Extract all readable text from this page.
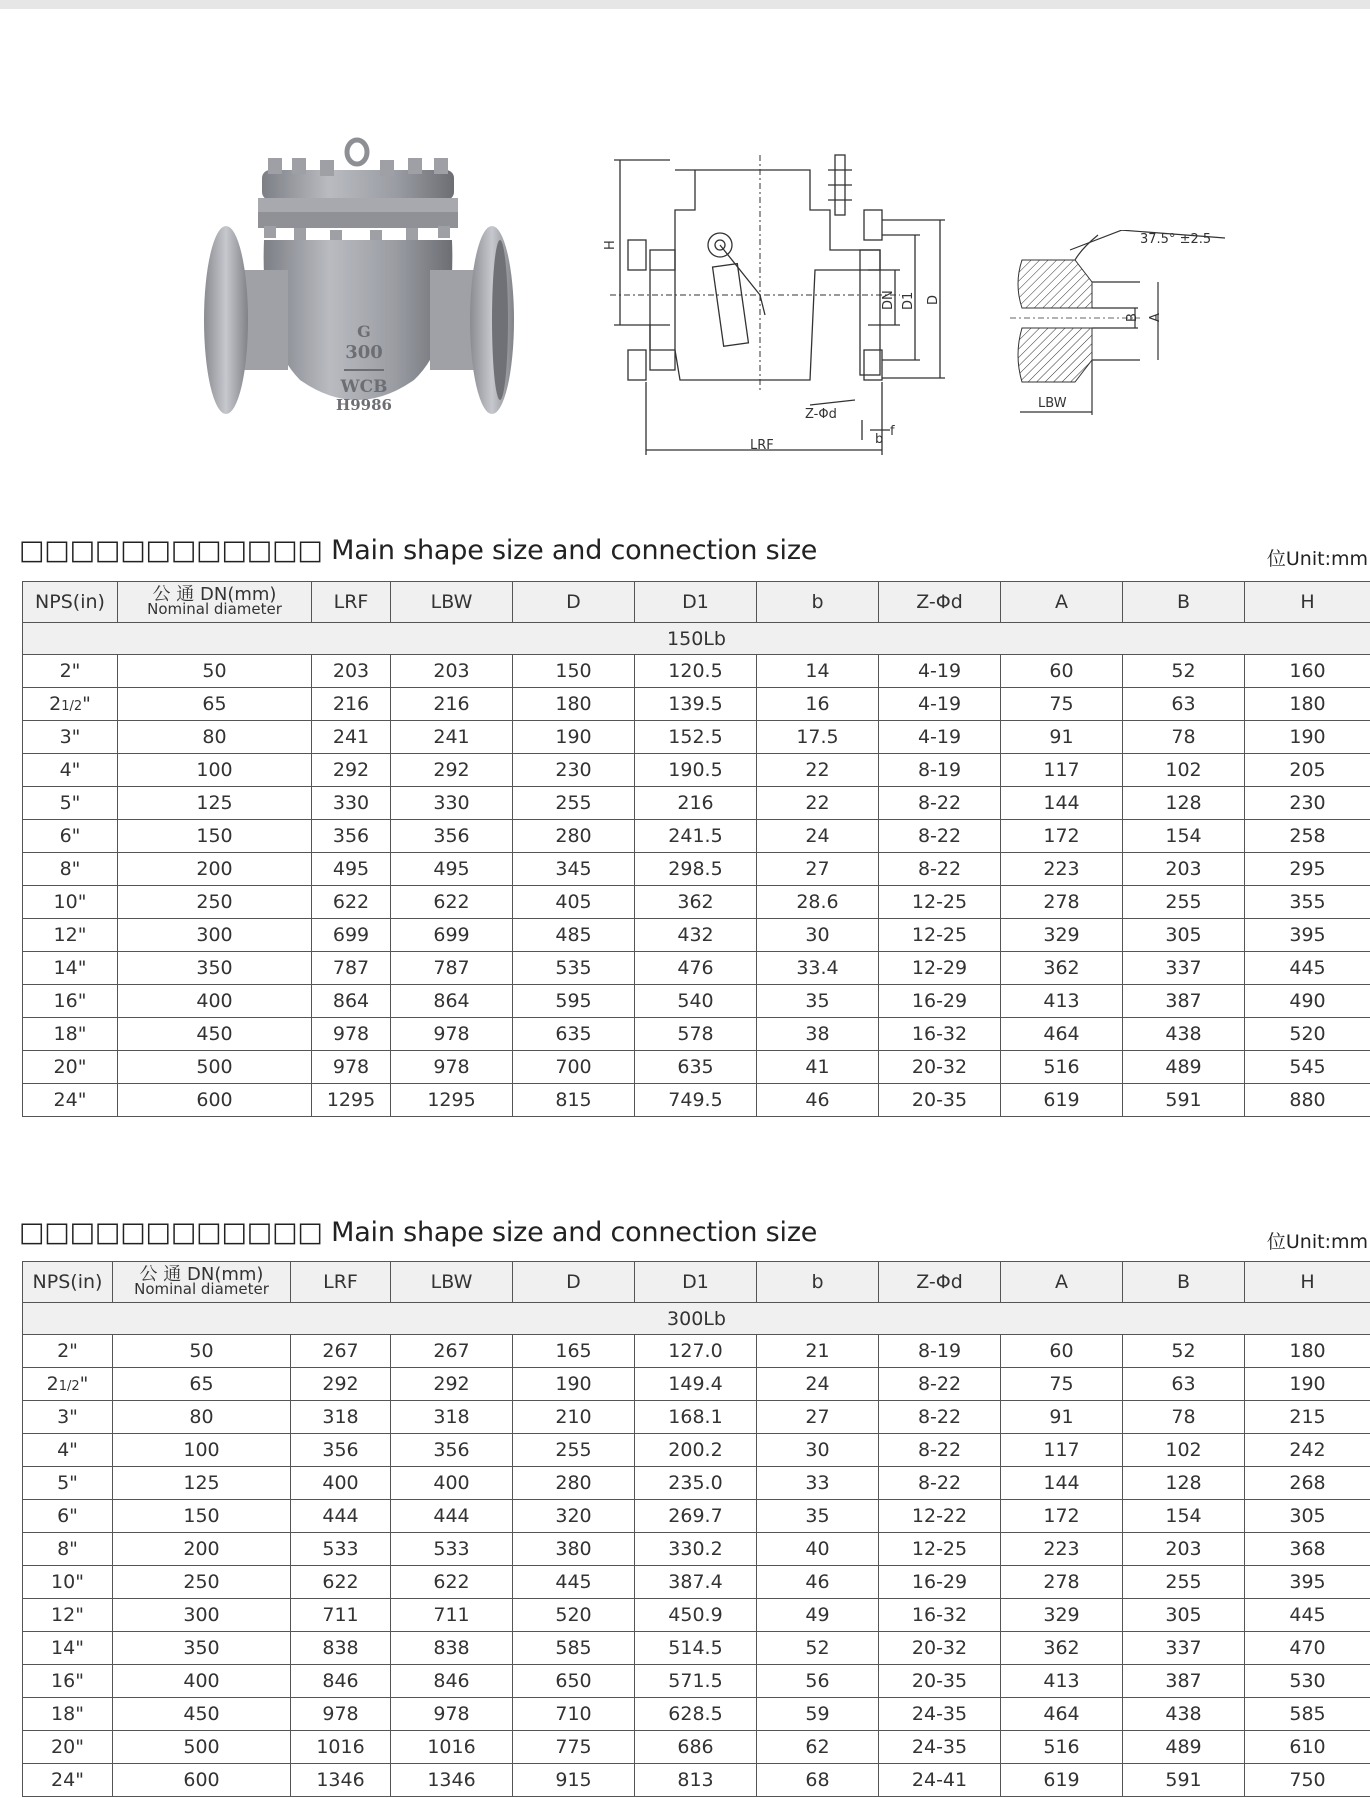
G
300
WCB
H9986
H
DN D1 D
LRF	b
f
Z-Φd
37.5° ±2.5
B A
LBW
□□□□□□□□□□□□ Main shape size and connection size	位Unit:mm
NPS(in)	公 通 DN(mm)
Nominal diameter	LRF	LBW	D	D1	b	Z-Φd	A	B	H
150Lb										
2"	50	203	203	150	120.5	14	4-19	60	52	160
21/2"	65	216	216	180	139.5	16	4-19	75	63	180
3"	80	241	241	190	152.5	17.5	4-19	91	78	190
4"	100	292	292	230	190.5	22	8-19	117	102	205
5"	125	330	330	255	216	22	8-22	144	128	230
6"	150	356	356	280	241.5	24	8-22	172	154	258
8"	200	495	495	345	298.5	27	8-22	223	203	295
10"	250	622	622	405	362	28.6	12-25	278	255	355
12"	300	699	699	485	432	30	12-25	329	305	395
14"	350	787	787	535	476	33.4	12-29	362	337	445
16"	400	864	864	595	540	35	16-29	413	387	490
18"	450	978	978	635	578	38	16-32	464	438	520
20"	500	978	978	700	635	41	20-32	516	489	545
24"	600	1295	1295	815	749.5	46	20-35	619	591	880
□□□□□□□□□□□□ Main shape size and connection size	位Unit:mm
NPS(in)	公 通 DN(mm)
Nominal diameter	LRF	LBW	D	D1	b	Z-Φd	A	B	H
300Lb										
2"	50	267	267	165	127.0	21	8-19	60	52	180
21/2"	65	292	292	190	149.4	24	8-22	75	63	190
3"	80	318	318	210	168.1	27	8-22	91	78	215
4"	100	356	356	255	200.2	30	8-22	117	102	242
5"	125	400	400	280	235.0	33	8-22	144	128	268
6"	150	444	444	320	269.7	35	12-22	172	154	305
8"	200	533	533	380	330.2	40	12-25	223	203	368
10"	250	622	622	445	387.4	46	16-29	278	255	395
12"	300	711	711	520	450.9	49	16-32	329	305	445
14"	350	838	838	585	514.5	52	20-32	362	337	470
16"	400	846	846	650	571.5	56	20-35	413	387	530
18"	450	978	978	710	628.5	59	24-35	464	438	585
20"	500	1016	1016	775	686	62	24-35	516	489	610
24"	600	1346	1346	915	813	68	24-41	619	591	750
